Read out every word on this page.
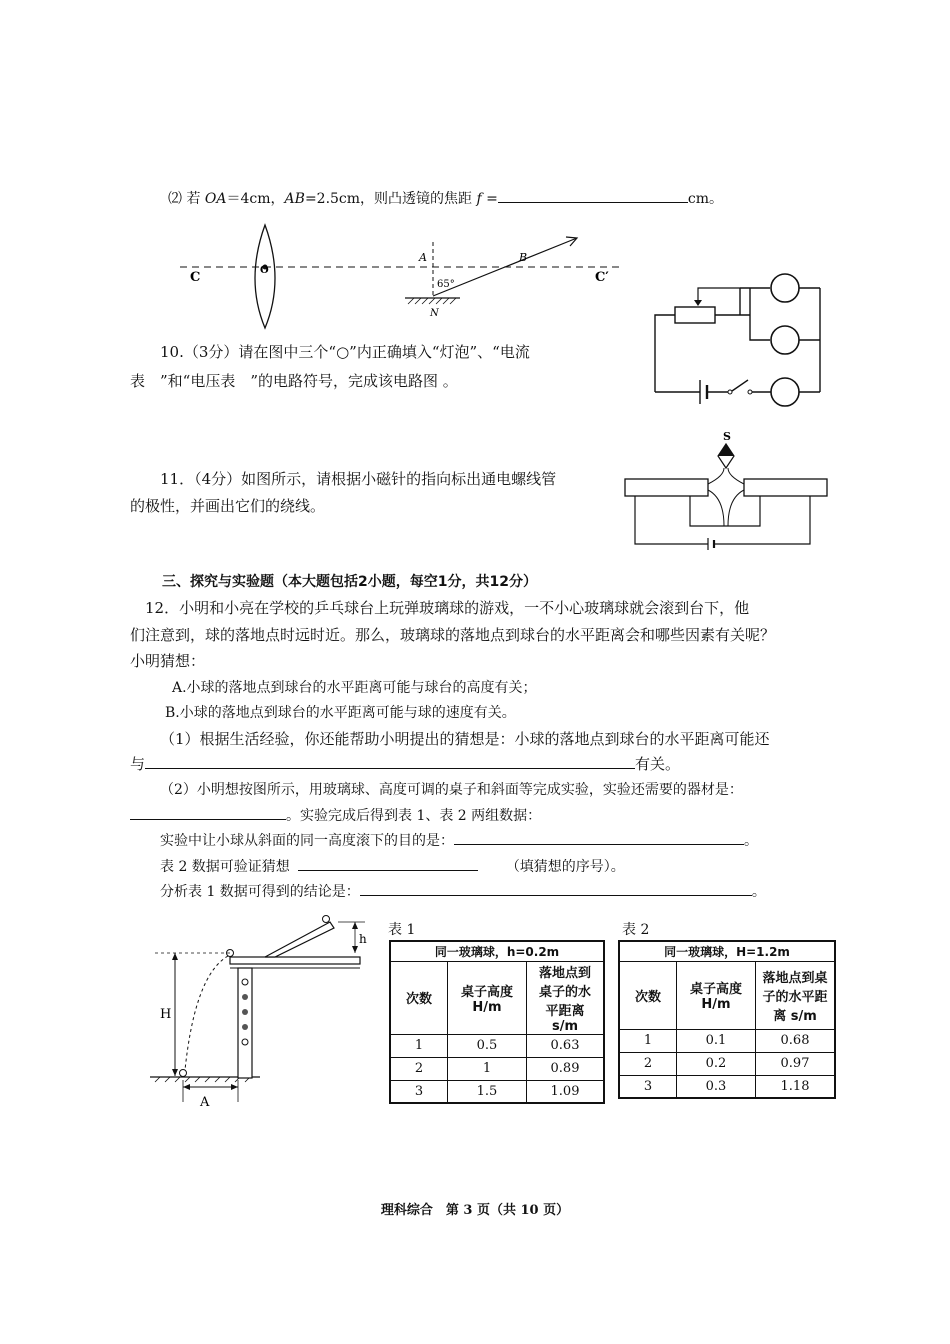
⑵ 若 OA＝4cm，AB=2.5cm，则凸透镜的焦距 f =	cm。
C	O
A	B
C′
N
65°
10.（3分）请在图中三个“○”内正确填入“灯泡”、“电流
表　”和“电压表　”的电路符号，完成该电路图 。
11．（4分）如图所示，请根据小磁针的指向标出通电螺线管
的极性，并画出它们的绕线。
S
三、探究与实验题（本大题包括2小题，每空1分，共12分）
12．小明和小亮在学校的乒乓球台上玩弹玻璃球的游戏，一不小心玻璃球就会滚到台下，他
们注意到，球的落地点时远时近。那么，玻璃球的落地点到球台的水平距离会和哪些因素有关呢？
小明猜想：
A.小球的落地点到球台的水平距离可能与球台的高度有关；
B.小球的落地点到球台的水平距离可能与球的速度有关。
（1）根据生活经验，你还能帮助小明提出的猜想是：小球的落地点到球台的水平距离可能还
与	有关。
（2）小明想按图所示，用玻璃球、高度可调的桌子和斜面等完成实验，实验还需要的器材是：
。实验完成后得到表 1、表 2 两组数据：
实验中让小球从斜面的同一高度滚下的目的是：	。
表 2 数据可验证猜想	（填猜想的序号）。
分析表 1 数据可得到的结论是：	。
H
h
A
表 1
同一玻璃球，h=0.2m		
次数	桌子高度H/m	落地点到桌子的水平距离 s/m
1	0.5	0.63
2	1	0.89
3	1.5	1.09
表 2
同一玻璃球，H=1.2m		
次数	桌子高度H/m	落地点到桌子的水平距离 s/m
1	0.1	0.68
2	0.2	0.97
3	0.3	1.18
理科综合　第 3 页（共 10 页）
